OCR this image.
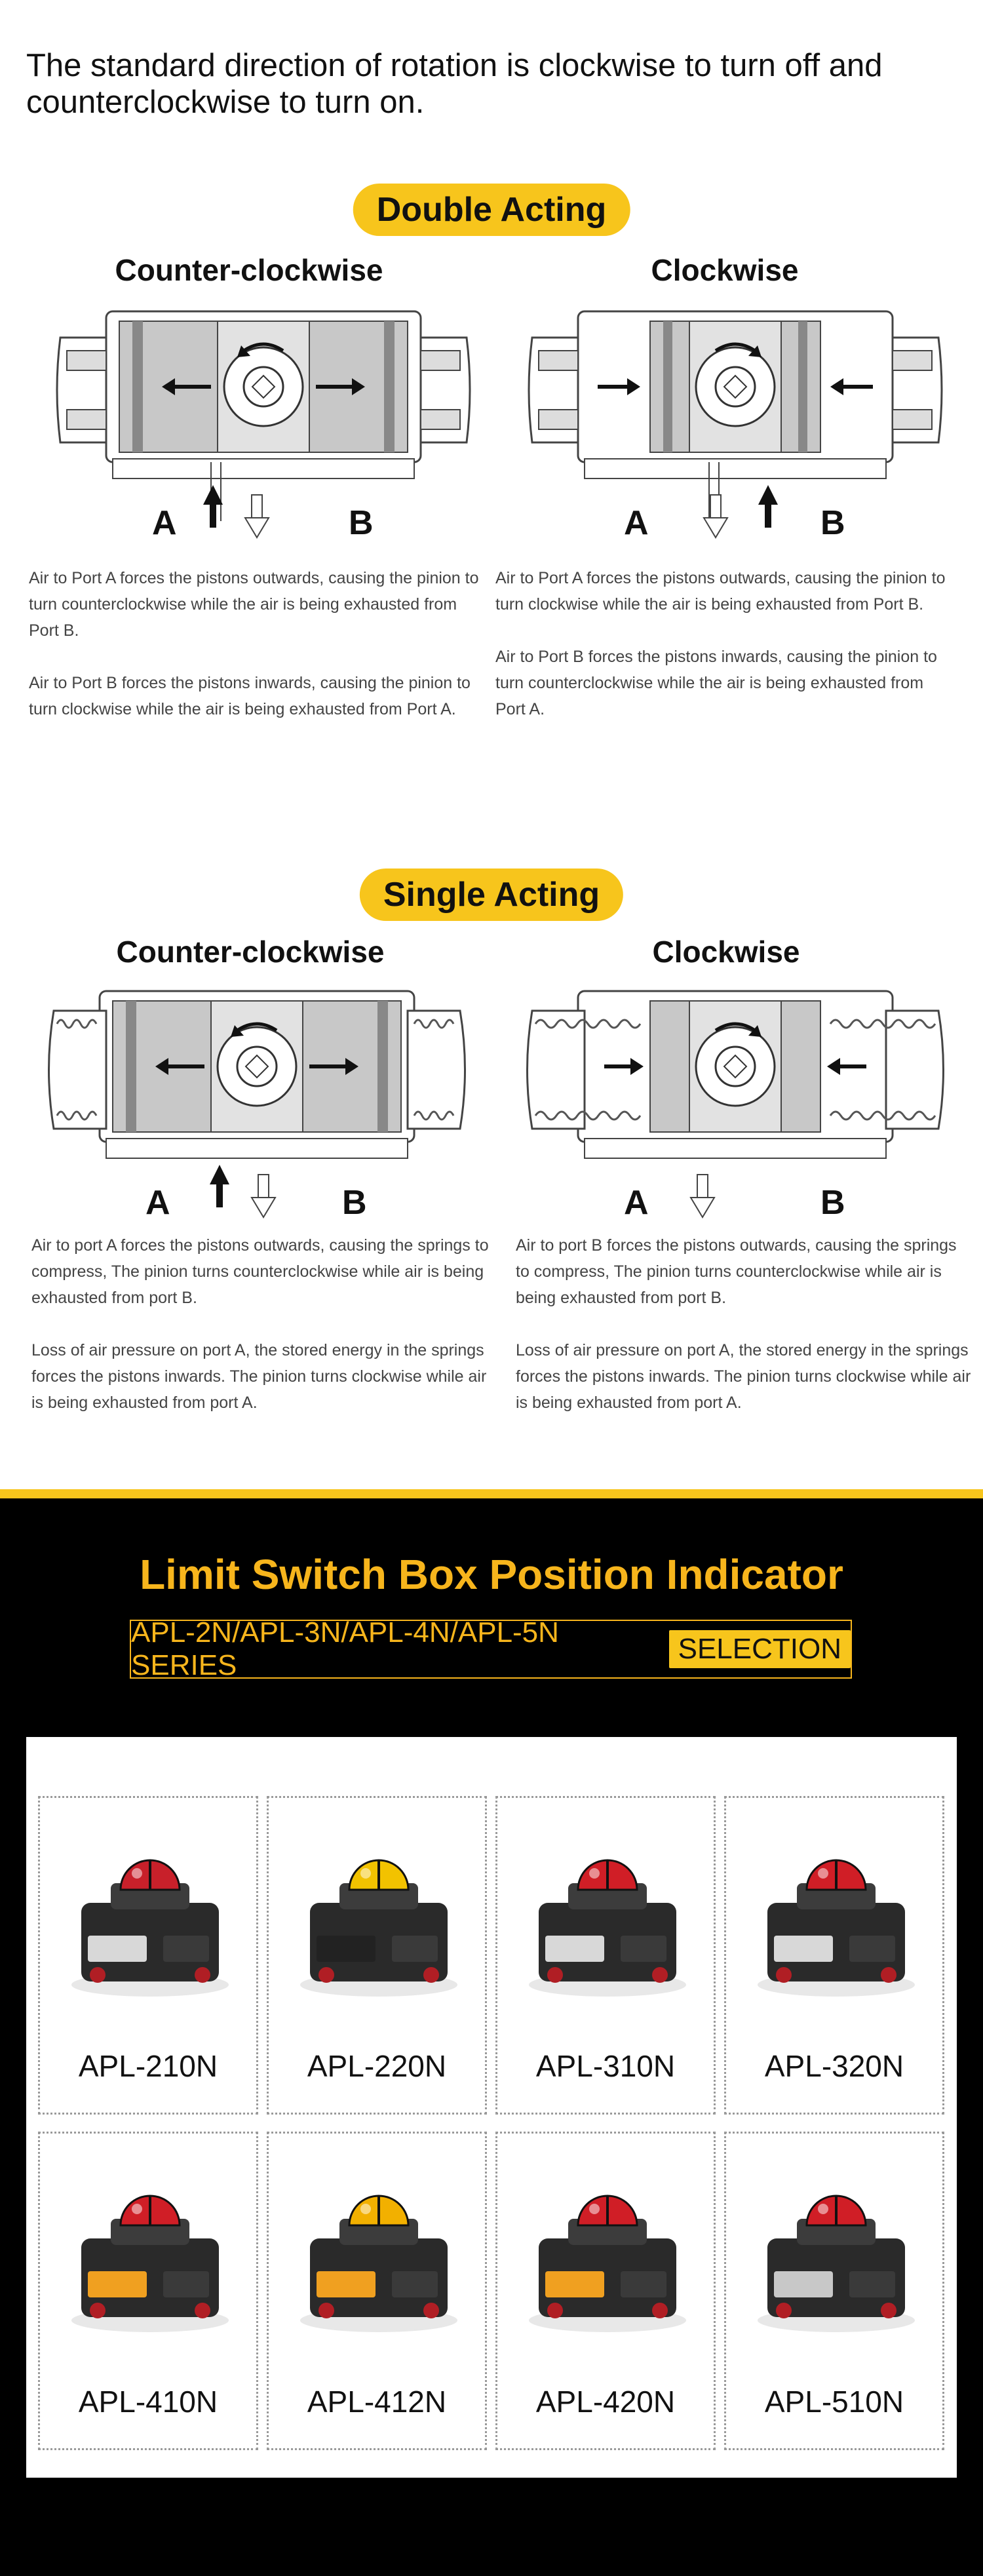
The standard direction of rotation is clockwise to turn off and counterclockwise to turn on.
Double Acting
Counter-clockwise	Clockwise
A	B	A	B

Air to Port A forces the pistons outwards, causing the pinion to turn counterclockwise while the air is being exhausted from Port B.

Air to Port B forces the pistons inwards, causing the pinion to turn clockwise while the air is being exhausted from Port A.

Air to Port A forces the pistons outwards, causing the pinion to turn clockwise while the air is being exhausted from Port B.

Air to Port B forces the pistons inwards, causing the pinion to turn counterclockwise while the air is being exhausted from Port A.

Single Acting
Counter-clockwise	Clockwise
A	B	A	B

Air to port A forces the pistons outwards, causing the springs to compress, The pinion turns counterclockwise while air is being exhausted from port B.

Loss of air pressure on port A, the stored energy in the springs forces the pistons inwards. The pinion turns clockwise while air is being exhausted from port A.

Air to port B forces the pistons outwards, causing the springs to compress, The pinion turns counterclockwise while air is being exhausted from port B.

Loss of air pressure on port A, the stored energy in the springs forces the pistons inwards. The pinion turns clockwise while air is being exhausted from port A.

Limit Switch Box Position Indicator
APL-2N/APL-3N/APL-4N/APL-5N SERIES
SELECTION
APL-210N	APL-220N	APL-310N	APL-320N
APL-410N	APL-412N	APL-420N	APL-510N
